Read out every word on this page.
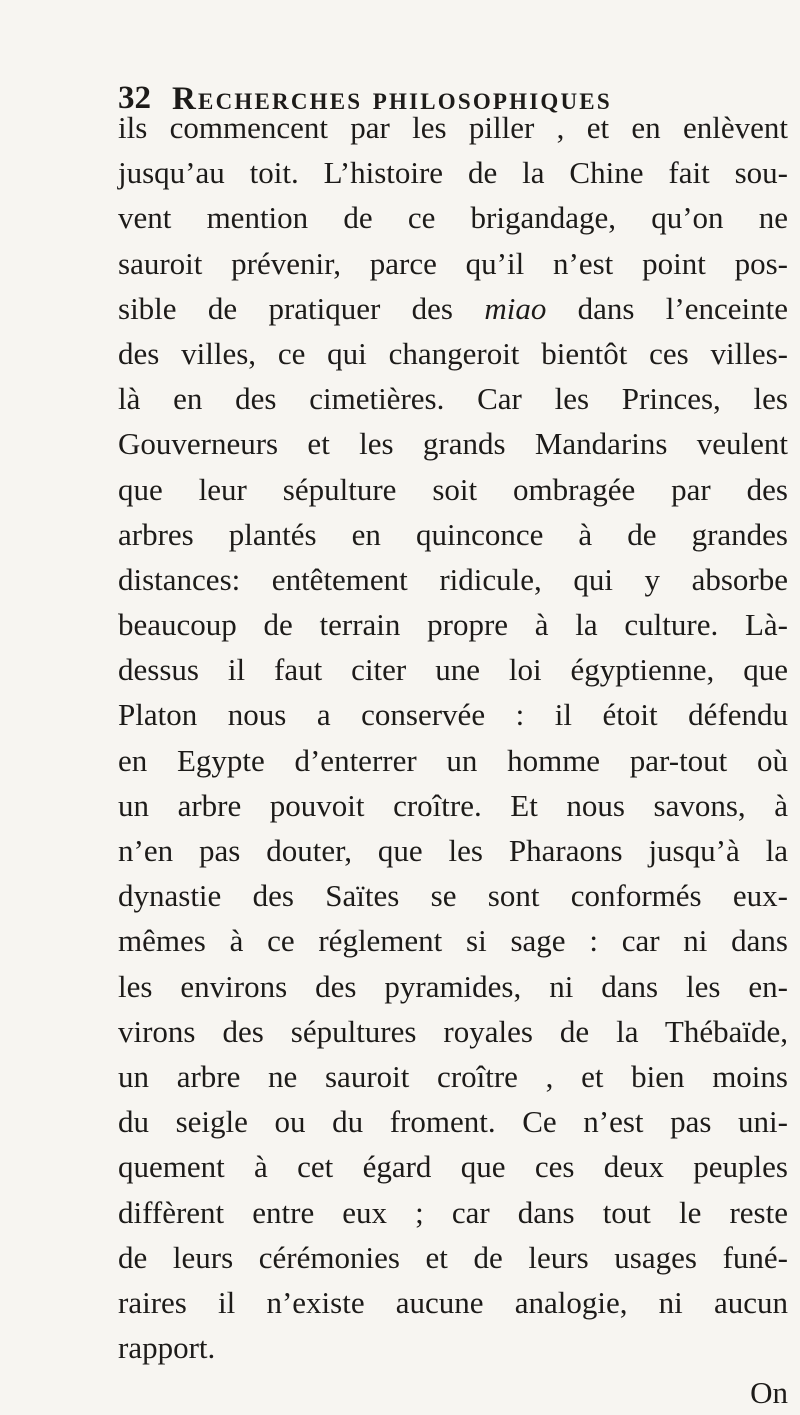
32 Recherches philosophiques
ils commencent par les piller , et en enlèvent
jusqu’au toit. L’histoire de la Chine fait sou-
vent mention de ce brigandage, qu’on ne
sauroit prévenir, parce qu’il n’est point pos-
sible de pratiquer des miao dans l’enceinte
des villes, ce qui changeroit bientôt ces villes-
là en des cimetières. Car les Princes, les
Gouverneurs et les grands Mandarins veulent
que leur sépulture soit ombragée par des
arbres plantés en quinconce à de grandes
distances: entêtement ridicule, qui y absorbe
beaucoup de terrain propre à la culture. Là-
dessus il faut citer une loi égyptienne, que
Platon nous a conservée : il étoit défendu
en Egypte d’enterrer un homme par-tout où
un arbre pouvoit croître. Et nous savons, à
n’en pas douter, que les Pharaons jusqu’à la
dynastie des Saïtes se sont conformés eux-
mêmes à ce réglement si sage : car ni dans
les environs des pyramides, ni dans les en-
virons des sépultures royales de la Thébaïde,
un arbre ne sauroit croître , et bien moins
du seigle ou du froment. Ce n’est pas uni-
quement à cet égard que ces deux peuples
diffèrent entre eux ; car dans tout le reste
de leurs cérémonies et de leurs usages funé-
raires il n’existe aucune analogie, ni aucun
rapport.
On
